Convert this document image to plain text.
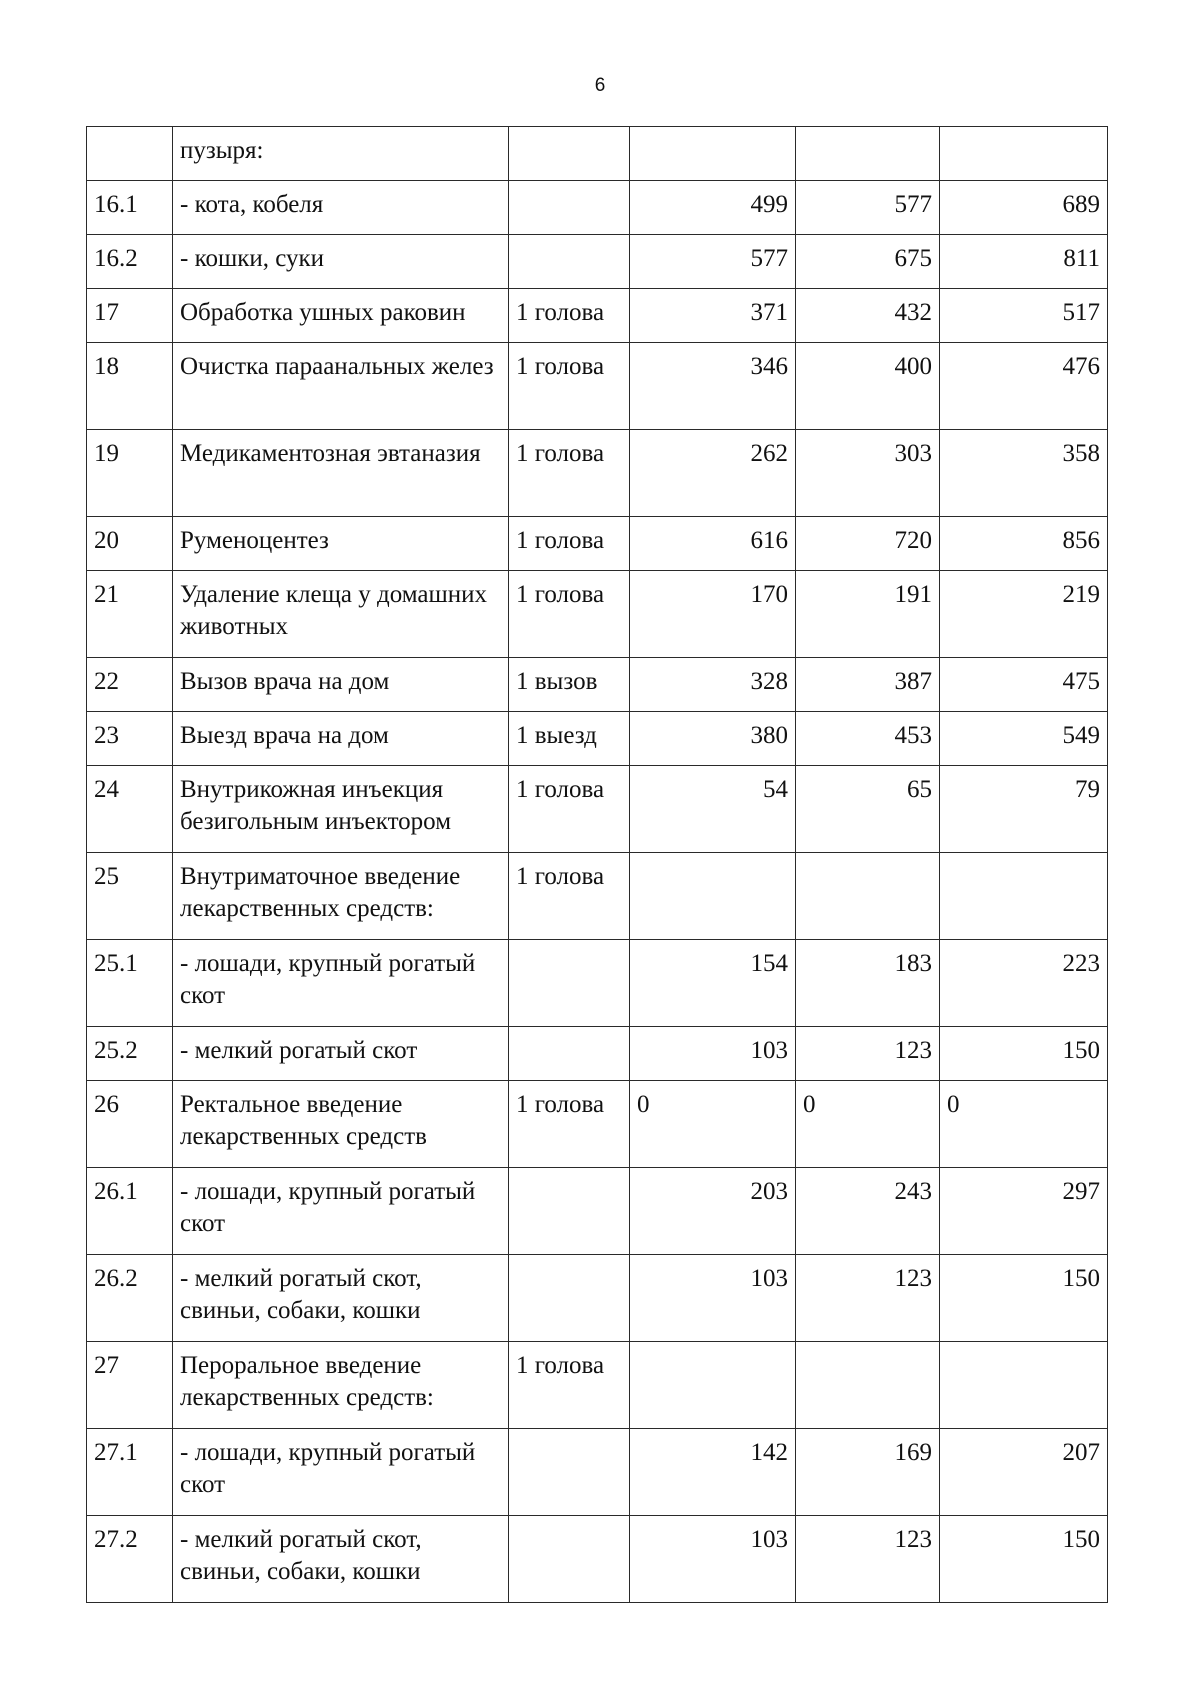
6
	пузыря:				
16.1	- кота, кобеля		499	577	689
16.2	- кошки, суки		577	675	811
17	Обработка ушных раковин	1 голова	371	432	517
18	Очистка параанальных желез	1 голова	346	400	476
19	Медикаментозная эвтаназия	1 голова	262	303	358
20	Руменоцентез	1 голова	616	720	856
21	Удаление клеща у домашних животных	1 голова	170	191	219
22	Вызов врача на дом	1 вызов	328	387	475
23	Выезд врача на дом	1 выезд	380	453	549
24	Внутрикожная инъекция безигольным инъектором	1 голова	54	65	79
25	Внутриматочное введение лекарственных средств:	1 голова			
25.1	- лошади, крупный рогатый скот		154	183	223
25.2	- мелкий рогатый скот		103	123	150
26	Ректальное введение лекарственных средств	1 голова	0	0	0
26.1	- лошади, крупный рогатый скот		203	243	297
26.2	- мелкий рогатый скот, свиньи, собаки, кошки		103	123	150
27	Пероральное введение лекарственных средств:	1 голова			
27.1	- лошади, крупный рогатый скот		142	169	207
27.2	- мелкий рогатый скот, свиньи, собаки, кошки		103	123	150
